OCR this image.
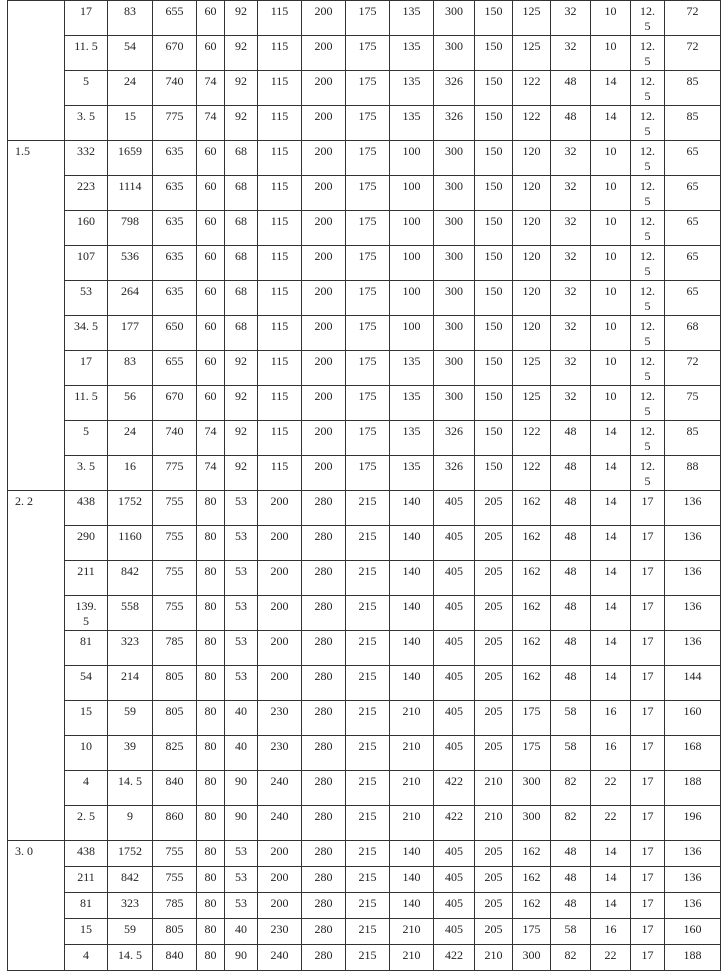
	17	83	655	60	92	115	200	175	135	300	150	125	32	10	12.
5	72

	11. 5	54	670	60	92	115	200	175	135	300	150	125	32	10	12.
5	72

	5	24	740	74	92	115	200	175	135	326	150	122	48	14	12.
5	85

	3. 5	15	775	74	92	115	200	175	135	326	150	122	48	14	12.
5	85

1.5	332	1659	635	60	68	115	200	175	100	300	150	120	32	10	12.
5	65

	223	1114	635	60	68	115	200	175	100	300	150	120	32	10	12.
5	65

	160	798	635	60	68	115	200	175	100	300	150	120	32	10	12.
5	65

	107	536	635	60	68	115	200	175	100	300	150	120	32	10	12.
5	65

	53	264	635	60	68	115	200	175	100	300	150	120	32	10	12.
5	65

	34. 5	177	650	60	68	115	200	175	100	300	150	120	32	10	12.
5	68

	17	83	655	60	92	115	200	175	135	300	150	125	32	10	12.
5	72

	11. 5	56	670	60	92	115	200	175	135	300	150	125	32	10	12.
5	75

	5	24	740	74	92	115	200	175	135	326	150	122	48	14	12.
5	85

	3. 5	16	775	74	92	115	200	175	135	326	150	122	48	14	12.
5	88

2. 2	438	1752	755	80	53	200	280	215	140	405	205	162	48	14	17	136

	290	1160	755	80	53	200	280	215	140	405	205	162	48	14	17	136

	211	842	755	80	53	200	280	215	140	405	205	162	48	14	17	136

	139.
5	558	755	80	53	200	280	215	140	405	205	162	48	14	17	136

	81	323	785	80	53	200	280	215	140	405	205	162	48	14	17	136

	54	214	805	80	53	200	280	215	140	405	205	162	48	14	17	144

	15	59	805	80	40	230	280	215	210	405	205	175	58	16	17	160

	10	39	825	80	40	230	280	215	210	405	205	175	58	16	17	168

	4	14. 5	840	80	90	240	280	215	210	422	210	300	82	22	17	188

	2. 5	9	860	80	90	240	280	215	210	422	210	300	82	22	17	196

3. 0	438	1752	755	80	53	200	280	215	140	405	205	162	48	14	17	136

	211	842	755	80	53	200	280	215	140	405	205	162	48	14	17	136

	81	323	785	80	53	200	280	215	140	405	205	162	48	14	17	136

	15	59	805	80	40	230	280	215	210	405	205	175	58	16	17	160

	4	14. 5	840	80	90	240	280	215	210	422	210	300	82	22	17	188
